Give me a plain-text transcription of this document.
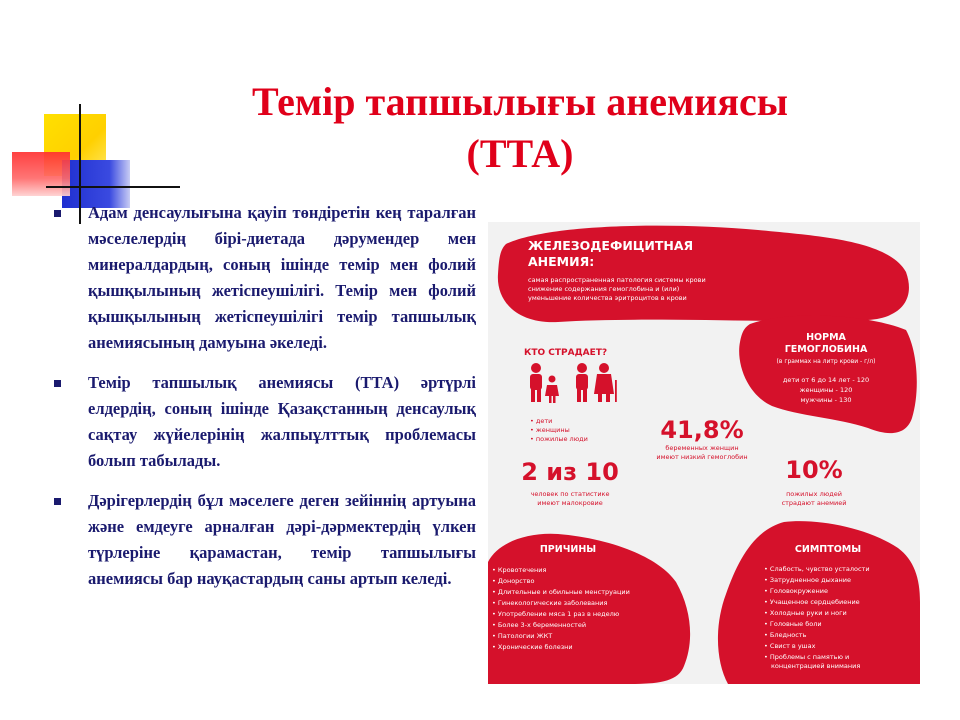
Темір тапшылығы анемиясы
(ТТА)
Адам денсаулығына қауіп төндіретін кең таралған мәселелердің бірі-диетада дәрумендер мен минералдардың, соның ішінде темір мен фолий қышқылының жетіспеушілігі. Темір мен фолий қышқылының жетіспеушілігі темір тапшылық анемиясының дамуына әкеледі.
Темір тапшылық анемиясы (ТТА) әртүрлі елдердің, соның ішінде Қазақстанның денсаулық сақтау жүйелерінің жалпыұлттық проблемасы болып табылады.
Дәрігерлердің бұл мәселеге деген зейіннің артуына және емдеуге арналған дәрі-дәрмектердің үлкен түрлеріне қарамастан, темір тапшылығы анемиясы бар науқастардың саны артып келеді.
ЖЕЛЕЗОДЕФИЦИТНАЯ
АНЕМИЯ:
самая распространенная патология системы крови
снижение содержания гемоглобина и (или)
уменьшение количества эритроцитов в крови
НОРМА
ГЕМОГЛОБИНА
(в граммах на литр крови - г/л)
дети от 6 до 14 лет - 120
женщины - 120
мужчины - 130
КТО СТРАДАЕТ?
• дети
• женщины
• пожилые люди	41,8%
беременных женщин
имеют низкий гемоглобин
2 из 10
человек по статистике
имеют малокровие
10%
пожилых людей
страдают анемией
ПРИЧИНЫ
• Кровотечения
• Донорство
• Длительные и обильные менструации
• Гинекологические заболевания
• Употребление мяса 1 раз в неделю
• Более 3-х беременностей
• Патологии ЖКТ
• Хронические болезни
СИМПТОМЫ
• Слабость, чувство усталости
• Затрудненное дыхание
• Головокружение
• Учащенное сердцебиение
• Холодные руки и ноги
• Головные боли
• Бледность
• Свист в ушах
• Проблемы с памятью и
концентрацией внимания
